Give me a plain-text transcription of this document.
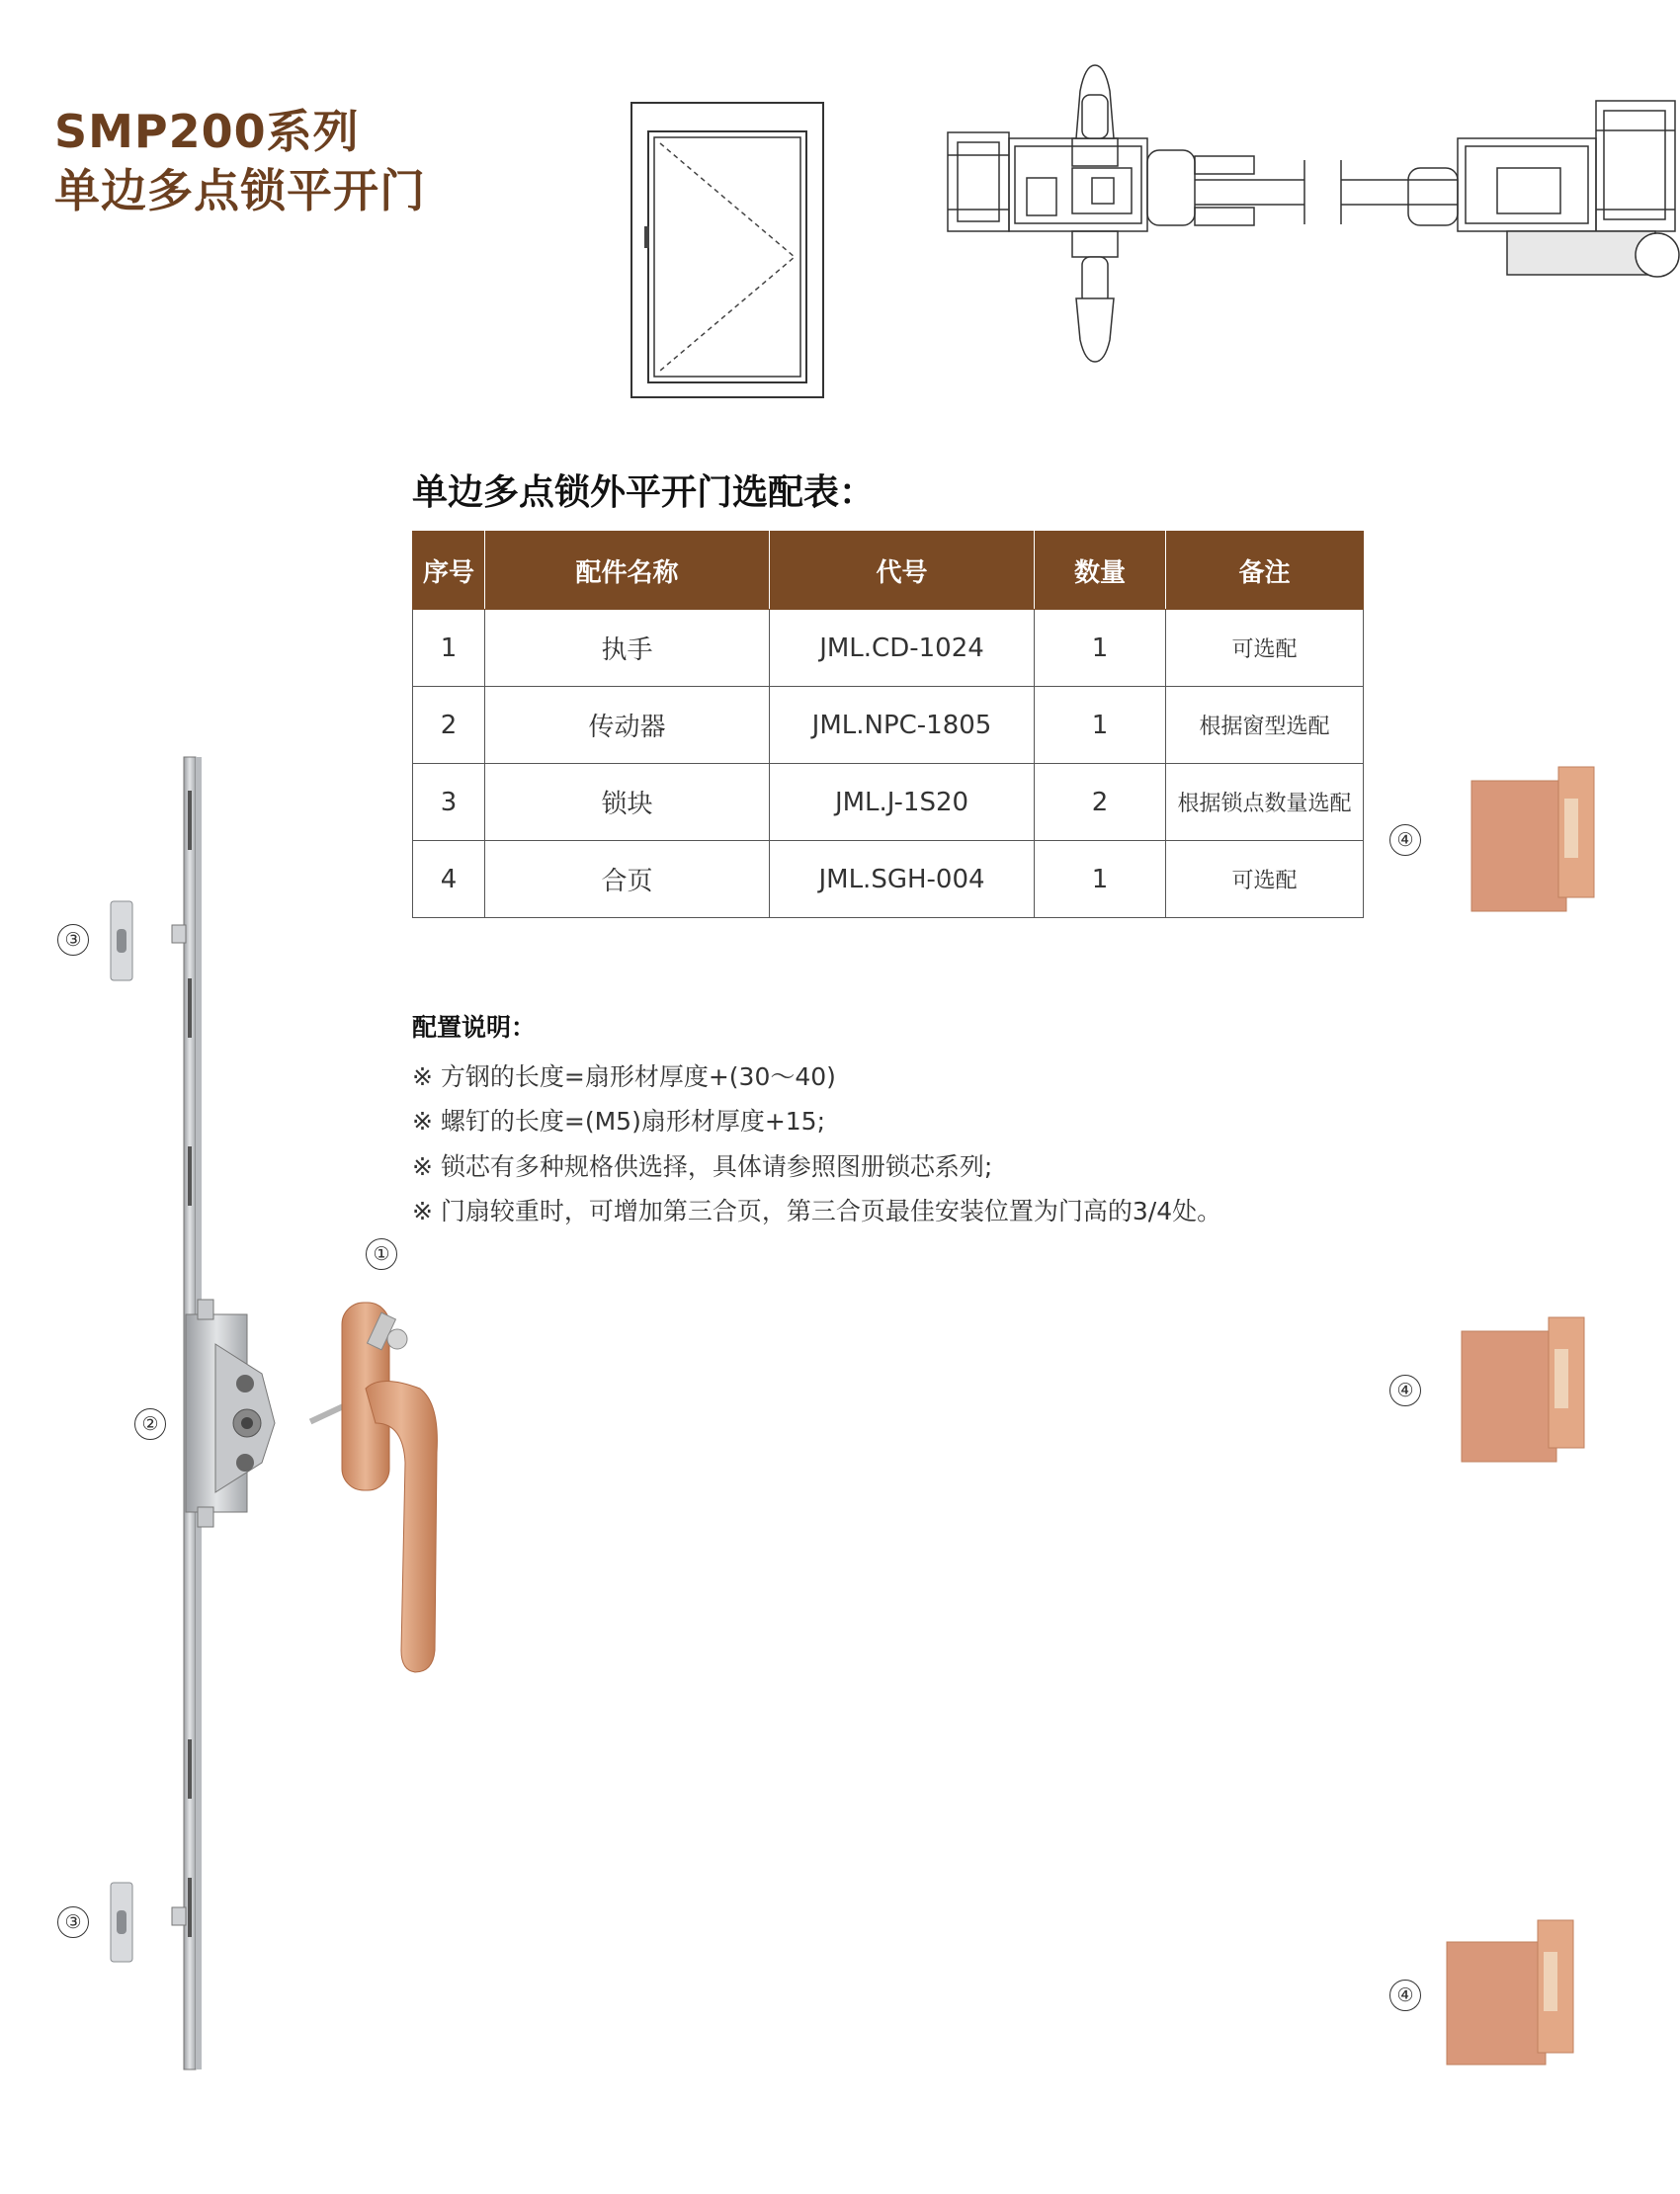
SMP200系列
单边多点锁平开门
单边多点锁外平开门选配表：
序号	配件名称	代号	数量	备注
1	执手	JML.CD-1024	1	可选配
2	传动器	JML.NPC-1805	1	根据窗型选配
3	锁块	JML.J-1S20	2	根据锁点数量选配
4	合页	JML.SGH-004	1	可选配
配置说明：
※ 方钢的长度=扇形材厚度+(30～40)
※ 螺钉的长度=(M5)扇形材厚度+15;
※ 锁芯有多种规格供选择，具体请参照图册锁芯系列;
※ 门扇较重时，可增加第三合页，第三合页最佳安装位置为门高的3/4处。
③
③
②
①
④
④
④
